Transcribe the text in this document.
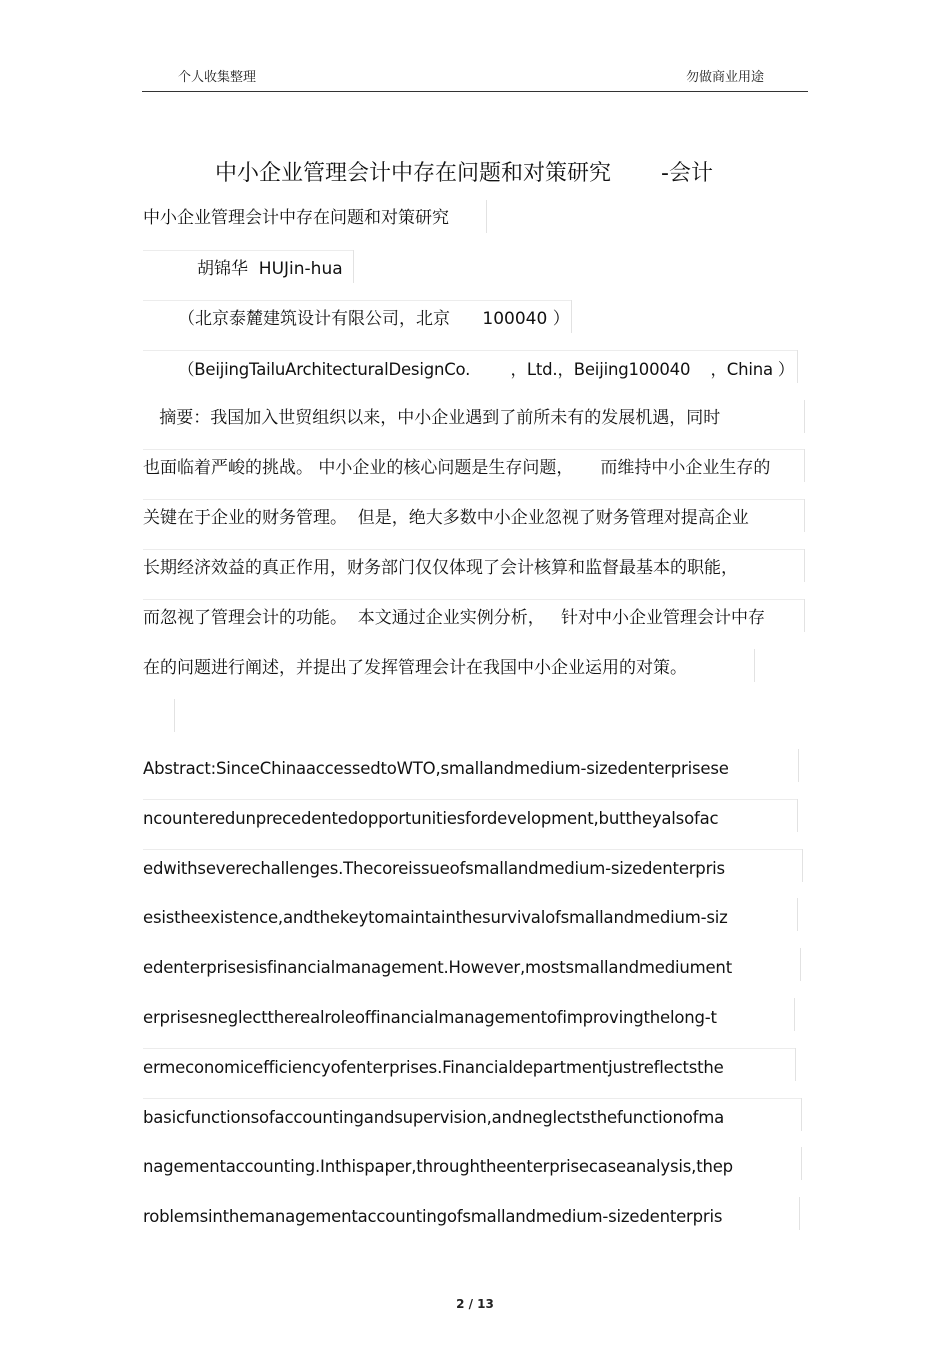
个人收集整理	勿做商业用途
中小企业管理会计中存在问题和对策研究 -会计
中小企业管理会计中存在问题和对策研究
胡锦华  HUJin-hua
（北京泰麓建筑设计有限公司，北京      100040 ）
（BeijingTailuArchitecturalDesignCo.        ，Ltd.，Beijing100040    ，China ）
摘要：我国加入世贸组织以来，中小企业遇到了前所未有的发展机遇，同时
也面临着严峻的挑战。 中小企业的核心问题是生存问题，     而维持中小企业生存的
关键在于企业的财务管理。  但是，绝大多数中小企业忽视了财务管理对提高企业
长期经济效益的真正作用，财务部门仅仅体现了会计核算和监督最基本的职能，
而忽视了管理会计的功能。  本文通过企业实例分析，   针对中小企业管理会计中存
在的问题进行阐述，并提出了发挥管理会计在我国中小企业运用的对策。
Abstract:SinceChinaaccessedtoWTO,smallandmedium-sizedenterprisese
ncounteredunprecedentedopportunitiesfordevelopment,buttheyalsofac
edwithseverechallenges.Thecoreissueofsmallandmedium-sizedenterpris
esistheexistence,andthekeytomaintainthesurvivalofsmallandmedium-siz
edenterprisesisfinancialmanagement.However,mostsmallandmediument
erprisesneglecttherealroleoffinancialmanagementofimprovingthelong-t
ermeconomicefficiencyofenterprises.Financialdepartmentjustreflectsthe
basicfunctionsofaccountingandsupervision,andneglectsthefunctionofma
nagementaccounting.Inthispaper,throughtheenterprisecaseanalysis,thep
roblemsinthemanagementaccountingofsmallandmedium-sizedenterpris
2 / 13
